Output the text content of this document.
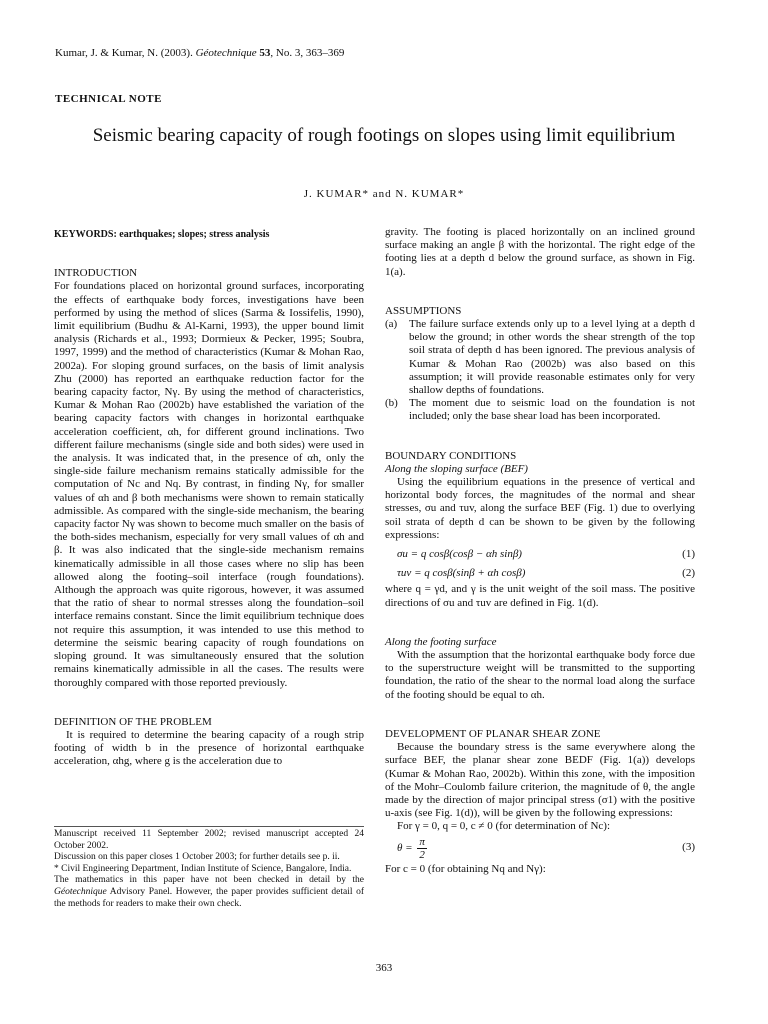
Kumar, J. & Kumar, N. (2003). Géotechnique 53, No. 3, 363–369
TECHNICAL NOTE
Seismic bearing capacity of rough footings on slopes using limit equilibrium
J. KUMAR* and N. KUMAR*

KEYWORDS: earthquakes; slopes; stress analysis

INTRODUCTION

For foundations placed on horizontal ground surfaces, incorporating the effects of earthquake body forces, investigations have been performed by using the method of slices (Sarma & Iossifelis, 1990), limit equilibrium (Budhu & Al-Karni, 1993), the upper bound limit analysis (Richards et al., 1993; Dormieux & Pecker, 1995; Soubra, 1997, 1999) and the method of characteristics (Kumar & Mohan Rao, 2002a). For sloping ground surfaces, on the basis of limit analysis Zhu (2000) has reported an earthquake reduction factor for the bearing capacity factor, Nγ. By using the method of characteristics, Kumar & Mohan Rao (2002b) have established the variation of the bearing capacity factors with changes in horizontal earthquake acceleration coefficient, αh, for different ground inclinations. Two different failure mechanisms (single side and both sides) were used in the analysis. It was indicated that, in the presence of αh, only the single-side failure mechanism remains statically admissible for the computation of Nc and Nq. By contrast, in finding Nγ, for smaller values of αh and β both mechanisms were shown to remain statically admissible. As compared with the single-side mechanism, the bearing capacity factor Nγ was shown to become much smaller on the basis of the both-sides mechanism, especially for very small values of αh and β. It was also indicated that the single-side mechanism remains kinematically admissible in all those cases where no slip has been allowed along the footing–soil interface (rough foundations). Although the approach was quite rigorous, however, it was assumed that the ratio of shear to normal stresses along the foundation–soil interface remains constant. Since the limit equilibrium technique does not require this assumption, it was intended to use this method to determine the seismic bearing capacity of rough foundations on sloping ground. It was simultaneously ensured that the solution remains kinematically admissible in all the cases. The results were thoroughly compared with those reported previously.

DEFINITION OF THE PROBLEM

It is required to determine the bearing capacity of a rough strip footing of width b in the presence of horizontal earthquake acceleration, αhg, where g is the acceleration due to

Manuscript received 11 September 2002; revised manuscript accepted 24 October 2002.

Discussion on this paper closes 1 October 2003; for further details see p. ii.

* Civil Engineering Department, Indian Institute of Science, Bangalore, India.

The mathematics in this paper have not been checked in detail by the Géotechnique Advisory Panel. However, the paper provides sufficient detail of the methods for readers to make their own check.

gravity. The footing is placed horizontally on an inclined ground surface making an angle β with the horizontal. The right edge of the footing lies at a depth d below the ground surface, as shown in Fig. 1(a).

ASSUMPTIONS

(a)	The failure surface extends only up to a level lying at a depth d below the ground; in other words the shear strength of the top soil strata of depth d has been ignored. The previous analysis of Kumar & Mohan Rao (2002b) was also based on this assumption; it will provide reasonable estimates only for very shallow depths of foundations.
(b)	The moment due to seismic load on the foundation is not included; only the base shear load has been incorporated.

BOUNDARY CONDITIONS

Along the sloping surface (BEF)

Using the equilibrium equations in the presence of vertical and horizontal body forces, the magnitudes of the normal and shear stresses, σu and τuv, along the surface BEF (Fig. 1) due to overlying soil strata of depth d can be shown to be given by the following expressions:

σu = q cosβ(cosβ − αh sinβ)	(1)
τuv = q cosβ(sinβ + αh cosβ)	(2)

where q = γd, and γ is the unit weight of the soil mass. The positive directions of σu and τuv are defined in Fig. 1(d).

Along the footing surface

With the assumption that the horizontal earthquake body force due to the superstructure weight will be transmitted to the supporting foundation, the ratio of the shear to the normal load along the surface of the footing should be equal to αh.

DEVELOPMENT OF PLANAR SHEAR ZONE

Because the boundary stress is the same everywhere along the surface BEF, the planar shear zone BEDF (Fig. 1(a)) develops (Kumar & Mohan Rao, 2002b). Within this zone, with the imposition of the Mohr–Coulomb failure criterion, the magnitude of θ, the angle made by the direction of major principal stress (σ1) with the positive u-axis (see Fig. 1(d)), will be given by the following expressions:

For γ = 0, q = 0, c ≠ 0 (for determination of Nc):

$\theta = \frac{\pi}{2}$	(3)

For c = 0 (for obtaining Nq and Nγ):

363
